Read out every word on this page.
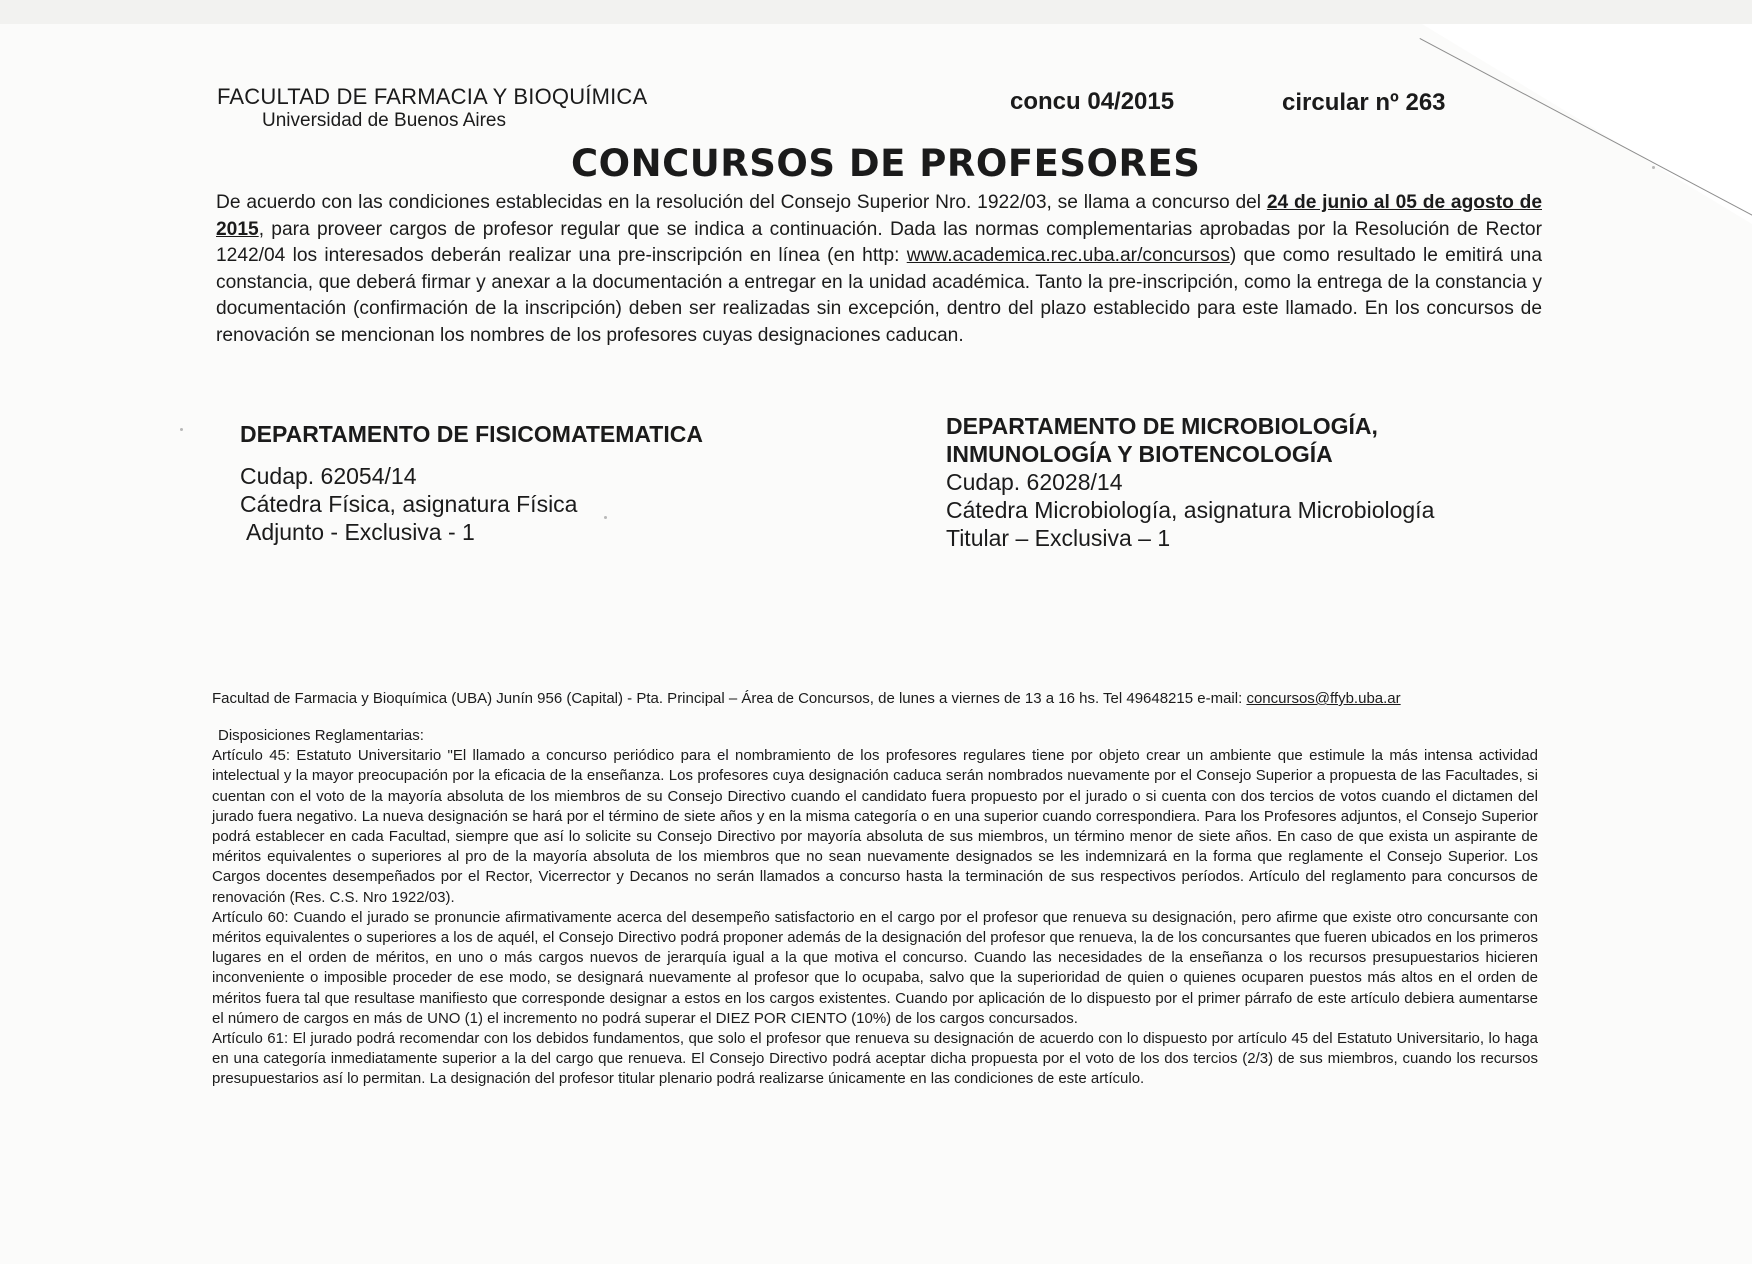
FACULTAD DE FARMACIA Y BIOQUÍMICA
Universidad de Buenos Aires
concu 04/2015	circular nº 263
CONCURSOS DE PROFESORES
De acuerdo con las condiciones establecidas en la resolución del Consejo Superior Nro. 1922/03, se llama a concurso del 24 de junio al 05 de agosto de 2015, para proveer cargos de profesor regular que se indica a continuación. Dada las normas complementarias aprobadas por la Resolución de Rector 1242/04 los interesados deberán realizar una pre-inscripción en línea (en http: www.academica.rec.uba.ar/concursos) que como resultado le emitirá una constancia, que deberá firmar y anexar a la documentación a entregar en la unidad académica. Tanto la pre-inscripción, como la entrega de la constancia y documentación (confirmación de la inscripción) deben ser realizadas sin excepción, dentro del plazo establecido para este llamado. En los concursos de renovación se mencionan los nombres de los profesores cuyas designaciones caducan.
DEPARTAMENTO DE FISICOMATEMATICA
Cudap. 62054/14
Cátedra Física, asignatura Física
Adjunto - Exclusiva - 1
DEPARTAMENTO DE MICROBIOLOGÍA,
INMUNOLOGÍA Y BIOTENCOLOGÍA
Cudap. 62028/14
Cátedra Microbiología, asignatura Microbiología
Titular – Exclusiva – 1
Facultad de Farmacia y Bioquímica (UBA) Junín 956 (Capital) - Pta. Principal – Área de Concursos, de lunes a viernes de 13 a 16 hs. Tel 49648215 e-mail: concursos@ffyb.uba.ar

Disposiciones Reglamentarias:

Artículo 45: Estatuto Universitario "El llamado a concurso periódico para el nombramiento de los profesores regulares tiene por objeto crear un ambiente que estimule la más intensa actividad intelectual y la mayor preocupación por la eficacia de la enseñanza. Los profesores cuya designación caduca serán nombrados nuevamente por el Consejo Superior a propuesta de las Facultades, si cuentan con el voto de la mayoría absoluta de los miembros de su Consejo Directivo cuando el candidato fuera propuesto por el jurado o si cuenta con dos tercios de votos cuando el dictamen del jurado fuera negativo. La nueva designación se hará por el término de siete años y en la misma categoría o en una superior cuando correspondiera. Para los Profesores adjuntos, el Consejo Superior podrá establecer en cada Facultad, siempre que así lo solicite su Consejo Directivo por mayoría absoluta de sus miembros, un término menor de siete años. En caso de que exista un aspirante de méritos equivalentes o superiores al pro de la mayoría absoluta de los miembros que no sean nuevamente designados se les indemnizará en la forma que reglamente el Consejo Superior. Los Cargos docentes desempeñados por el Rector, Vicerrector y Decanos no serán llamados a concurso hasta la terminación de sus respectivos períodos. Artículo del reglamento para concursos de renovación (Res. C.S. Nro 1922/03).

Artículo 60: Cuando el jurado se pronuncie afirmativamente acerca del desempeño satisfactorio en el cargo por el profesor que renueva su designación, pero afirme que existe otro concursante con méritos equivalentes o superiores a los de aquél, el Consejo Directivo podrá proponer además de la designación del profesor que renueva, la de los concursantes que fueren ubicados en los primeros lugares en el orden de méritos, en uno o más cargos nuevos de jerarquía igual a la que motiva el concurso. Cuando las necesidades de la enseñanza o los recursos presupuestarios hicieren inconveniente o imposible proceder de ese modo, se designará nuevamente al profesor que lo ocupaba, salvo que la superioridad de quien o quienes ocuparen puestos más altos en el orden de méritos fuera tal que resultase manifiesto que corresponde designar a estos en los cargos existentes. Cuando por aplicación de lo dispuesto por el primer párrafo de este artículo debiera aumentarse el número de cargos en más de UNO (1) el incremento no podrá superar el DIEZ POR CIENTO (10%) de los cargos concursados.

Artículo 61: El jurado podrá recomendar con los debidos fundamentos, que solo el profesor que renueva su designación de acuerdo con lo dispuesto por artículo 45 del Estatuto Universitario, lo haga en una categoría inmediatamente superior a la del cargo que renueva. El Consejo Directivo podrá aceptar dicha propuesta por el voto de los dos tercios (2/3) de sus miembros, cuando los recursos presupuestarios así lo permitan. La designación del profesor titular plenario podrá realizarse únicamente en las condiciones de este artículo.
